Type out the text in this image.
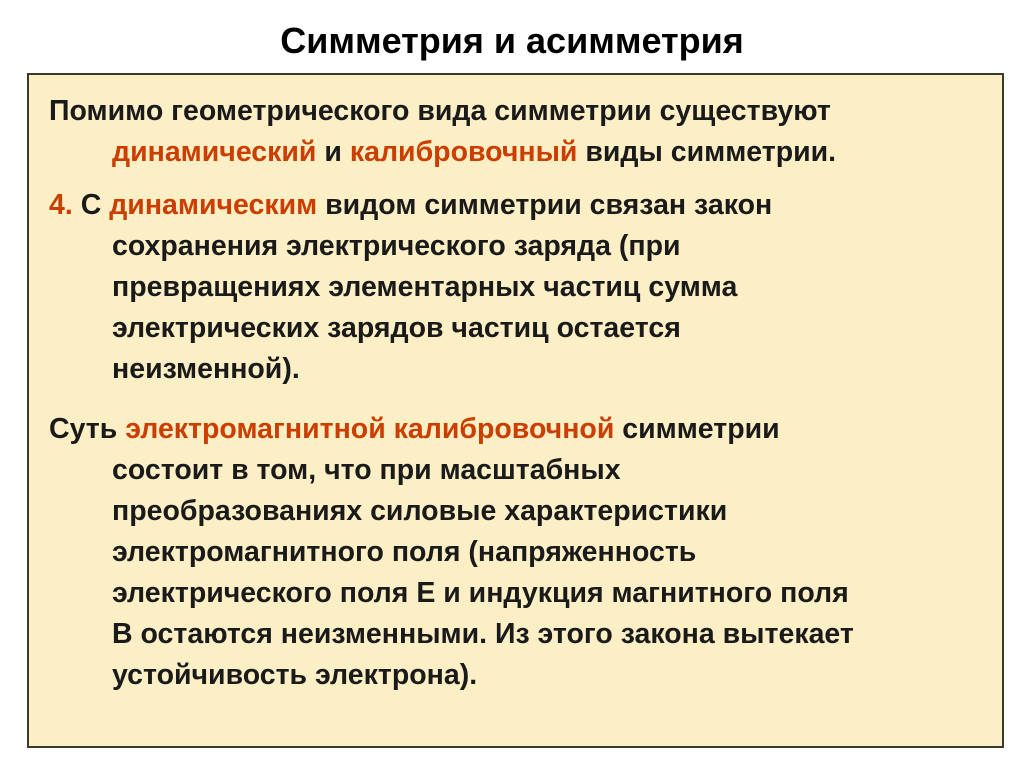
Симметрия и асимметрия

Помимо геометрического вида симметрии существуют
динамический и калибровочный виды симметрии.

4. С динамическим видом симметрии связан закон
сохранения электрического заряда (при
превращениях элементарных частиц сумма
электрических зарядов частиц остается
неизменной).

Суть электромагнитной калибровочной симметрии
состоит в том, что при масштабных
преобразованиях силовые характеристики
электромагнитного поля (напряженность
электрического поля Е и индукция магнитного поля
В остаются неизменными. Из этого закона вытекает
устойчивость электрона).
